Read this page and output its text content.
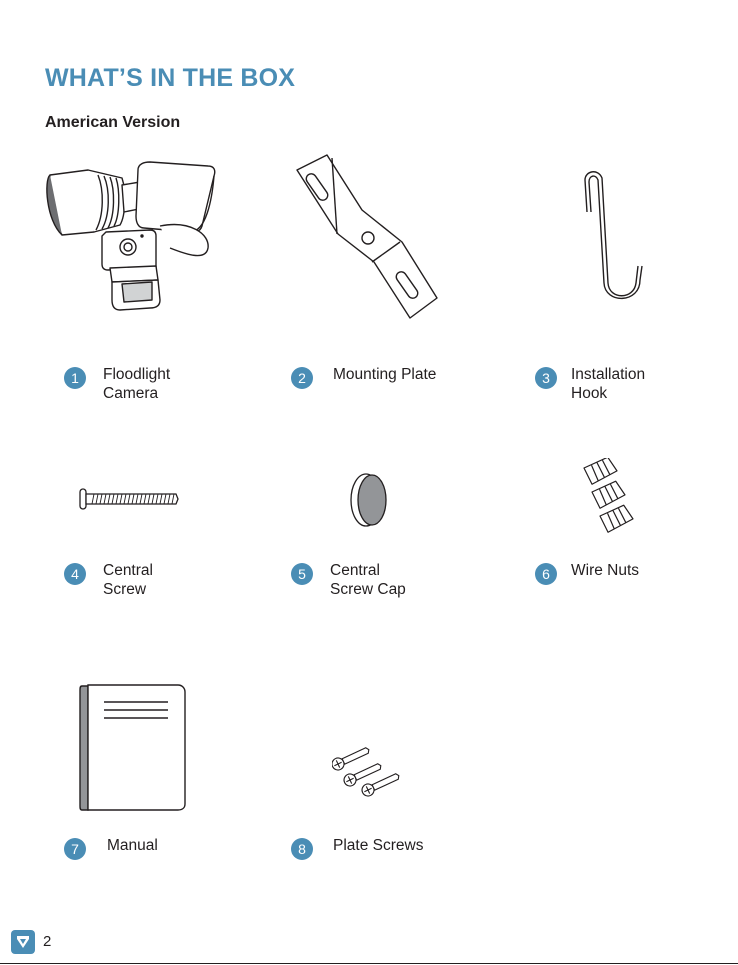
WHAT’S IN THE BOX
American Version
1	Floodlight
Camera
2	Mounting Plate	3	Installation
Hook
4	Central
Screw
5	Central
Screw Cap
6	Wire Nuts
7	Manual	8	Plate Screws
2
